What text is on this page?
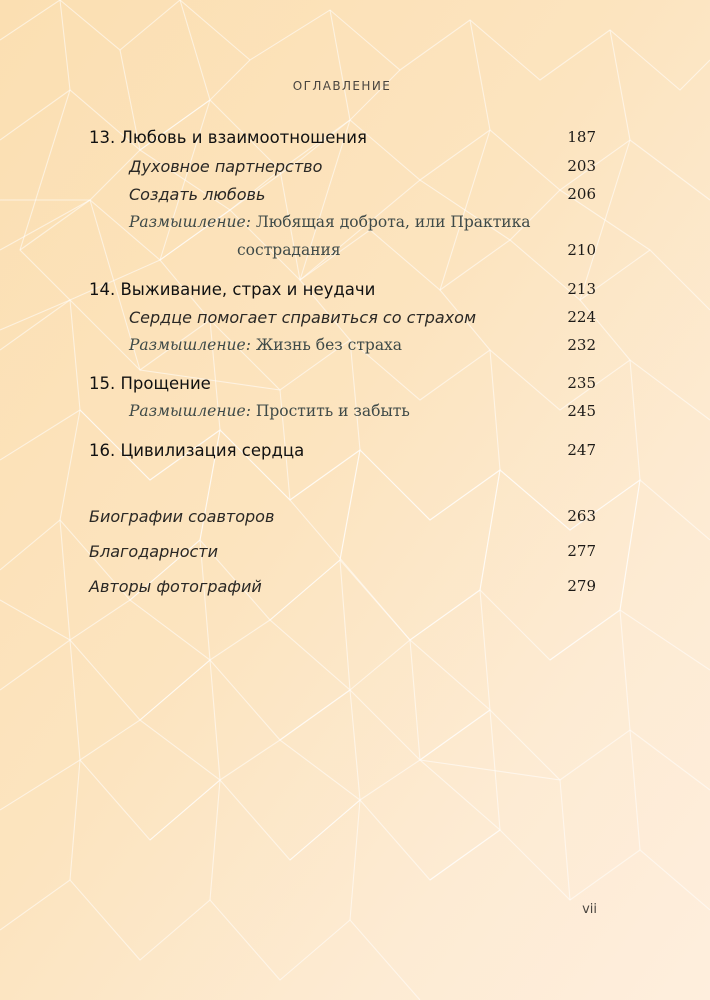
ОГЛАВЛЕНИЕ
13. Любовь и взаимоотношения	187
Духовное партнерство	203
Создать любовь	206
Размышление: Любящая доброта, или Практика
сострадания	210
14. Выживание, страх и неудачи	213
Сердце помогает справиться со страхом	224
Размышление: Жизнь без страха	232
15. Прощение	235
Размышление: Простить и забыть	245
16. Цивилизация сердца	247
Биографии соавторов	263
Благодарности	277
Авторы фотографий	279
vii
